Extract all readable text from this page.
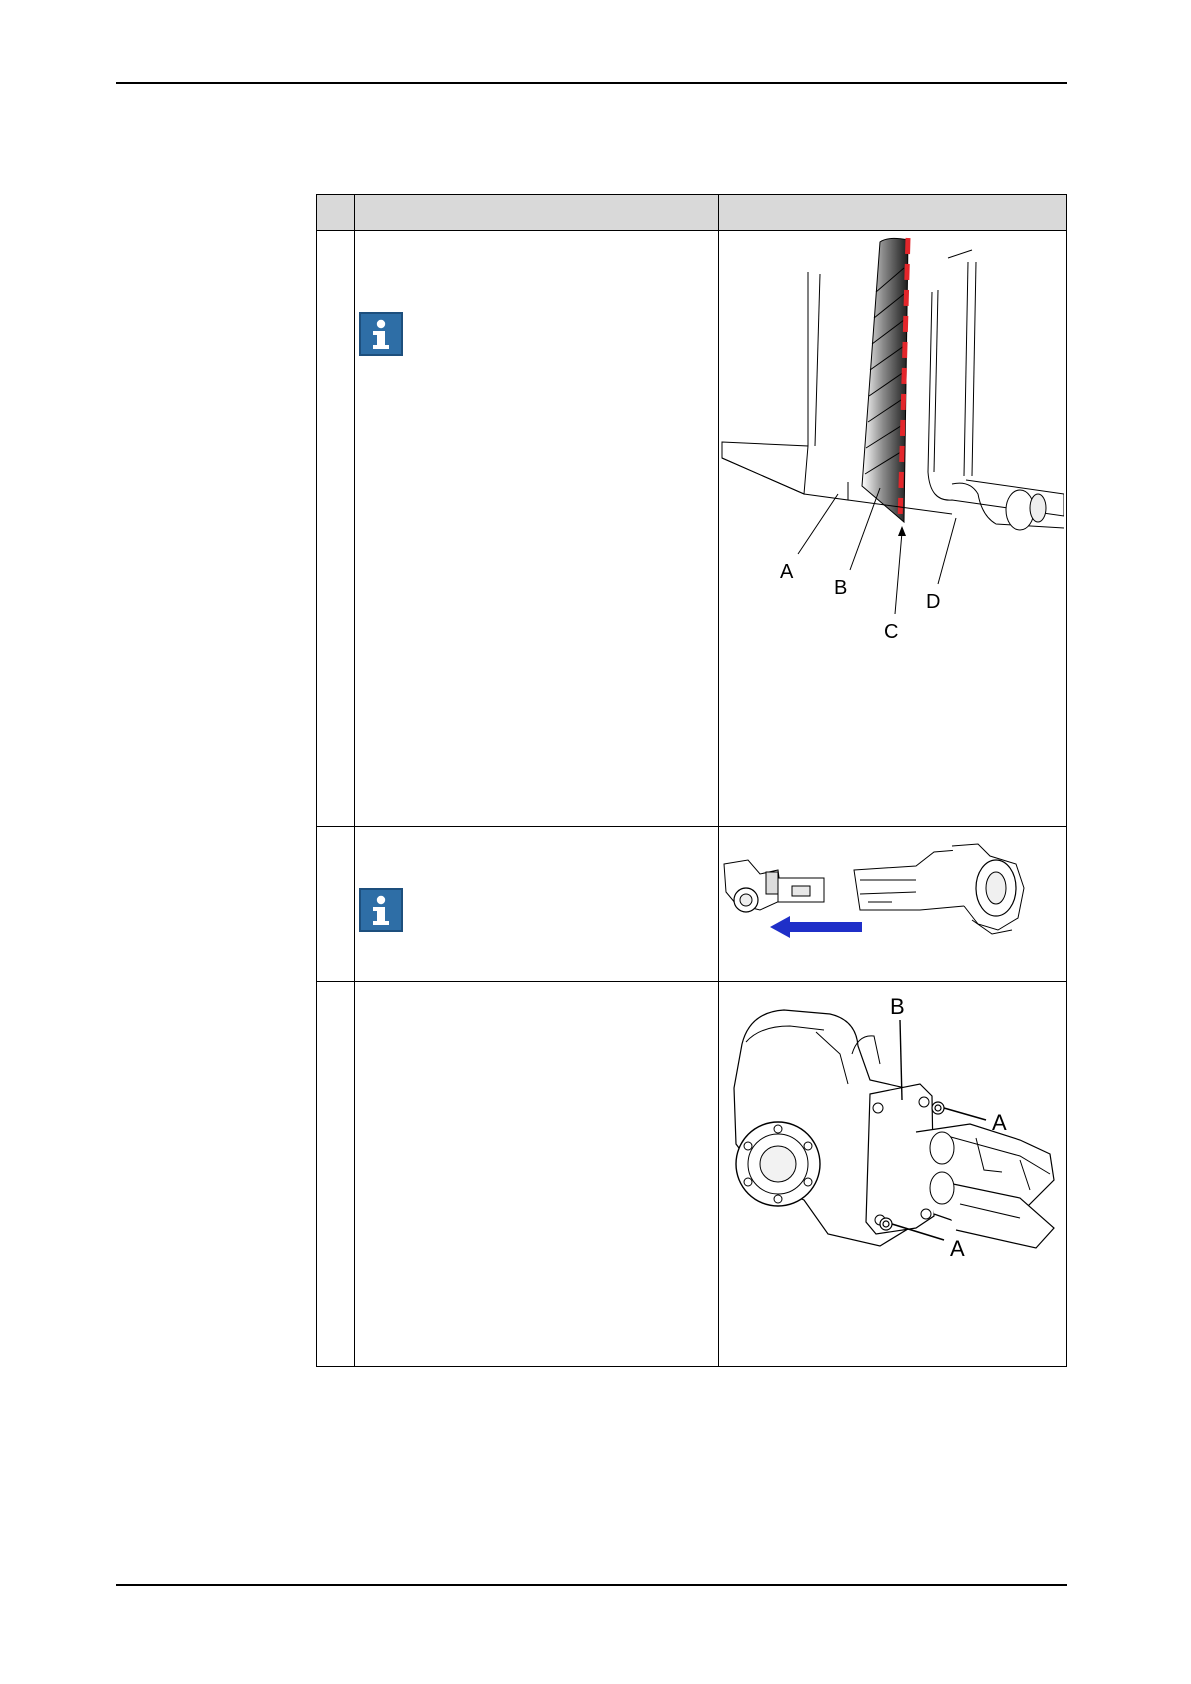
A
B
C
D
B
A
A
